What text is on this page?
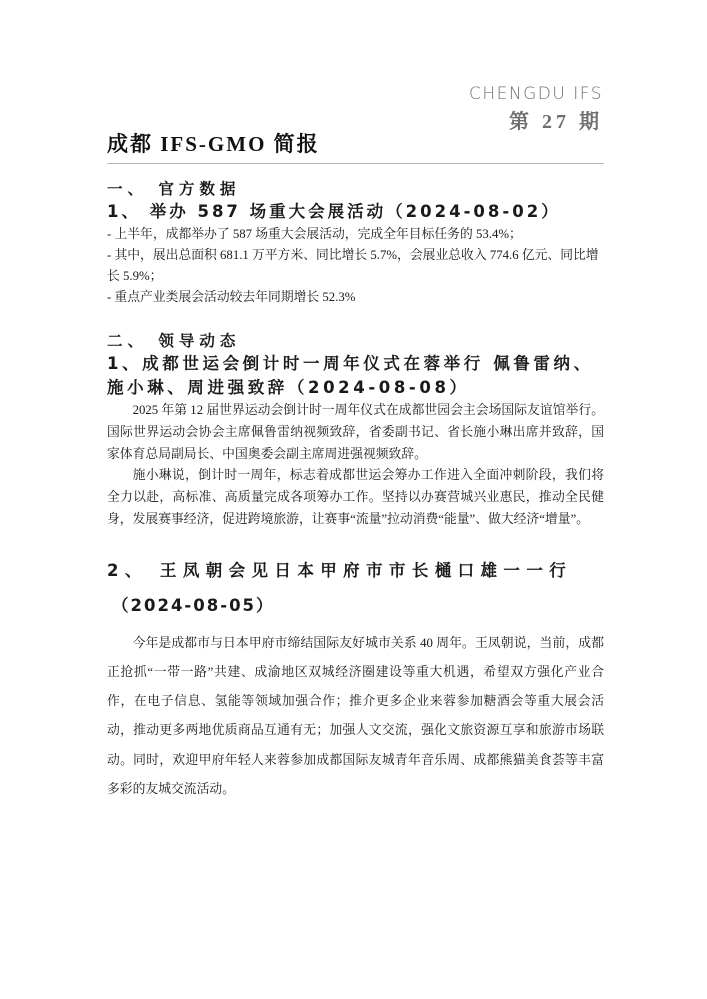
CHENGDU IFS
第 27 期
成都 IFS-GMO 简报
一、 官方数据
1、 举办 587 场重大会展活动（2024-08-02）

- 上半年，成都举办了 587 场重大会展活动，完成全年目标任务的 53.4%；

- 其中，展出总面积 681.1 万平方米、同比增长 5.7%，会展业总收入 774.6 亿元、同比增长 5.9%；

- 重点产业类展会活动较去年同期增长 52.3%

二、 领导动态
1、成都世运会倒计时一周年仪式在蓉举行 佩鲁雷纳、 施小琳、周进强致辞（2024-08-08）

2025 年第 12 届世界运动会倒计时一周年仪式在成都世园会主会场国际友谊馆举行。国际世界运动会协会主席佩鲁雷纳视频致辞，省委副书记、省长施小琳出席并致辞，国家体育总局副局长、中国奥委会副主席周进强视频致辞。

施小琳说，倒计时一周年，标志着成都世运会筹办工作进入全面冲刺阶段，我们将全力以赴，高标准、高质量完成各项筹办工作。坚持以办赛营城兴业惠民，推动全民健身，发展赛事经济，促进跨境旅游，让赛事“流量”拉动消费“能量”、做大经济“增量”。

2、 王凤朝会见日本甲府市市长樋口雄一一行
（2024-08-05）

今年是成都市与日本甲府市缔结国际友好城市关系 40 周年。王凤朝说，当前，成都正抢抓“一带一路”共建、成渝地区双城经济圈建设等重大机遇，希望双方强化产业合作，在电子信息、氢能等领域加强合作；推介更多企业来蓉参加糖酒会等重大展会活动，推动更多两地优质商品互通有无；加强人文交流，强化文旅资源互享和旅游市场联动。同时，欢迎甲府年轻人来蓉参加成都国际友城青年音乐周、成都熊猫美食荟等丰富多彩的友城交流活动。
